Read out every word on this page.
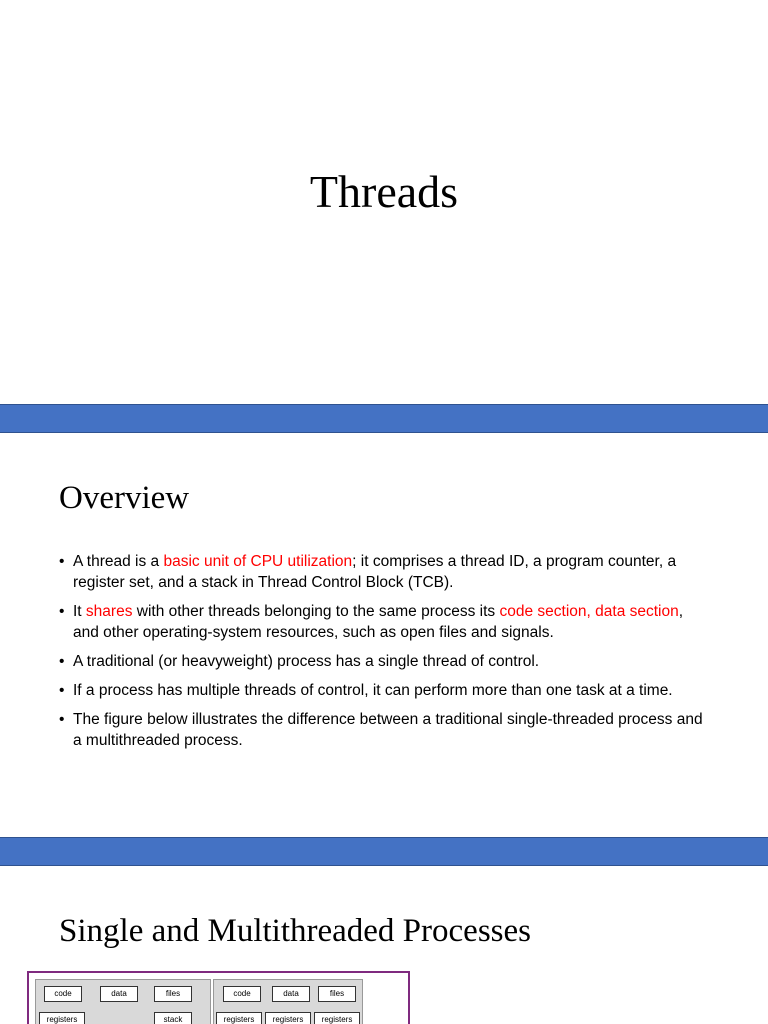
Threads
Overview
• A thread is a basic unit of CPU utilization; it comprises a thread ID, a program counter, a register set, and a stack in Thread Control Block (TCB).
• It shares with other threads belonging to the same process its code section, data section, and other operating-system resources, such as open files and signals.
• A traditional (or heavyweight) process has a single thread of control.
• If a process has multiple threads of control, it can perform more than one task at a time.
• The figure below illustrates the difference between a traditional single-threaded process and a multithreaded process.
Single and Multithreaded Processes
code	data	files
registers	stack
code	data	files
registers	registers	registers
